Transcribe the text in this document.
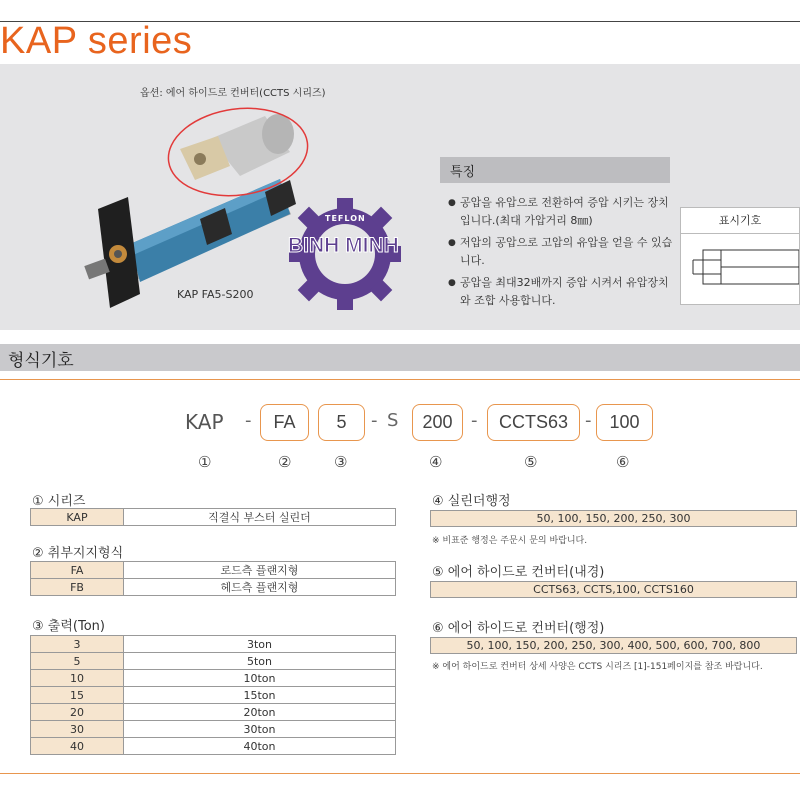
KAP series
옵션: 에어 하이드로 컨버터(CCTS 시리즈)
TEFLON
BINH MINH
KAP FA5-S200
특징
● 공압을 유압으로 전환하여 증압 시키는 장치입니다.(최대 가압거리 8㎜)
● 저압의 공압으로 고압의 유압을 얻을 수 있습니다.
● 공압을 최대32배까지 증압 시켜서 유압장치와 조합 사용합니다.
표시기호
형식기호
KAP -	FA	5	- S	200	-	CCTS63 - 100
①	②	③	④	⑤	⑥
① 시리즈
KAP	직결식 부스터 실린더
② 취부지지형식
FA	로드측 플랜지형
FB	헤드측 플랜지형
③ 출력(Ton)
3	3ton
5	5ton
10	10ton
15	15ton
20	20ton
30	30ton
40	40ton
④ 실린더행정
50, 100, 150, 200, 250, 300
※ 비표준 행정은 주문시 문의 바랍니다.
⑤ 에어 하이드로 컨버터(내경)
CCTS63, CCTS,100, CCTS160
⑥ 에어 하이드로 컨버터(행정)
50, 100, 150, 200, 250, 300, 400, 500, 600, 700, 800
※ 에어 하이드로 컨버터 상세 사양은 CCTS 시리즈 [1]-151페이지를 참조 바랍니다.
